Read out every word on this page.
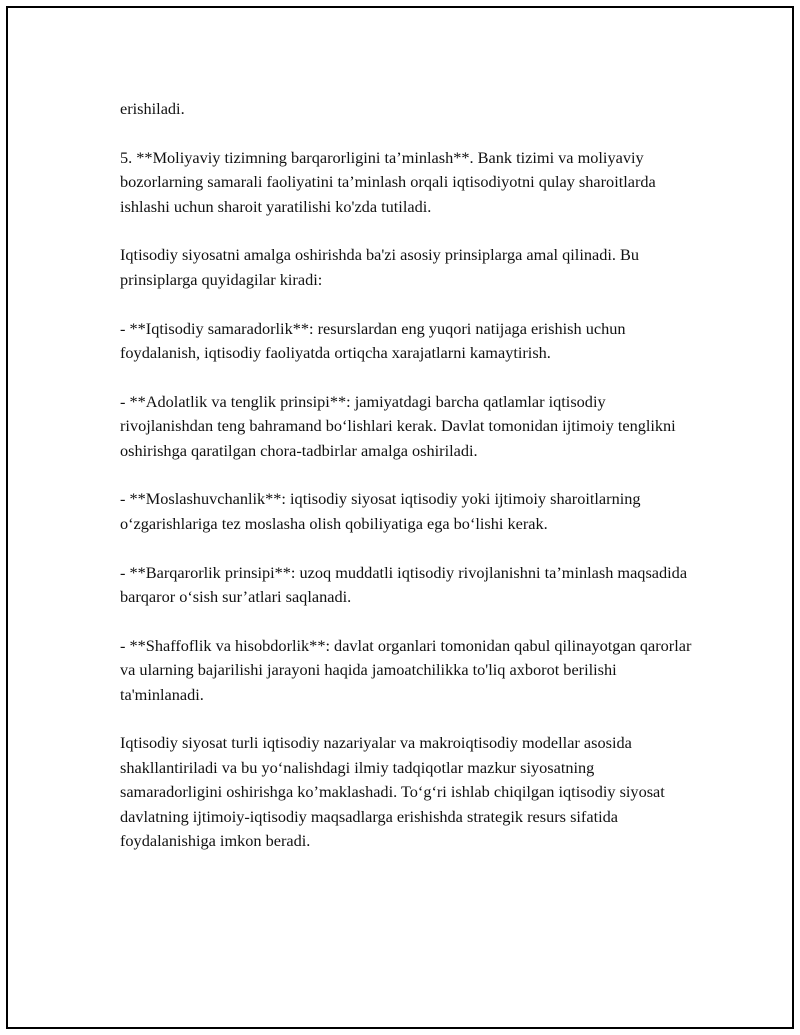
erishiladi.

5. **Moliyaviy tizimning barqarorligini ta’minlash**. Bank tizimi va moliyaviy bozorlarning samarali faoliyatini ta’minlash orqali iqtisodiyotni qulay sharoitlarda ishlashi uchun sharoit yaratilishi ko'zda tutiladi.

Iqtisodiy siyosatni amalga oshirishda ba'zi asosiy prinsiplarga amal qilinadi. Bu prinsiplarga quyidagilar kiradi:

- **Iqtisodiy samaradorlik**: resurslardan eng yuqori natijaga erishish uchun foydalanish, iqtisodiy faoliyatda ortiqcha xarajatlarni kamaytirish.

- **Adolatlik va tenglik prinsipi**: jamiyatdagi barcha qatlamlar iqtisodiy rivojlanishdan teng bahramand bo‘lishlari kerak. Davlat tomonidan ijtimoiy tenglikni oshirishga qaratilgan chora-tadbirlar amalga oshiriladi.

- **Moslashuvchanlik**: iqtisodiy siyosat iqtisodiy yoki ijtimoiy sharoitlarning o‘zgarishlariga tez moslasha olish qobiliyatiga ega bo‘lishi kerak.

- **Barqarorlik prinsipi**: uzoq muddatli iqtisodiy rivojlanishni ta’minlash maqsadida barqaror o‘sish sur’atlari saqlanadi.

- **Shaffoflik va hisobdorlik**: davlat organlari tomonidan qabul qilinayotgan qarorlar va ularning bajarilishi jarayoni haqida jamoatchilikka to'liq axborot berilishi ta'minlanadi.

Iqtisodiy siyosat turli iqtisodiy nazariyalar va makroiqtisodiy modellar asosida shakllantiriladi va bu yo‘nalishdagi ilmiy tadqiqotlar mazkur siyosatning samaradorligini oshirishga ko’maklashadi. To‘g‘ri ishlab chiqilgan iqtisodiy siyosat davlatning ijtimoiy-iqtisodiy maqsadlarga erishishda strategik resurs sifatida foydalanishiga imkon beradi.
